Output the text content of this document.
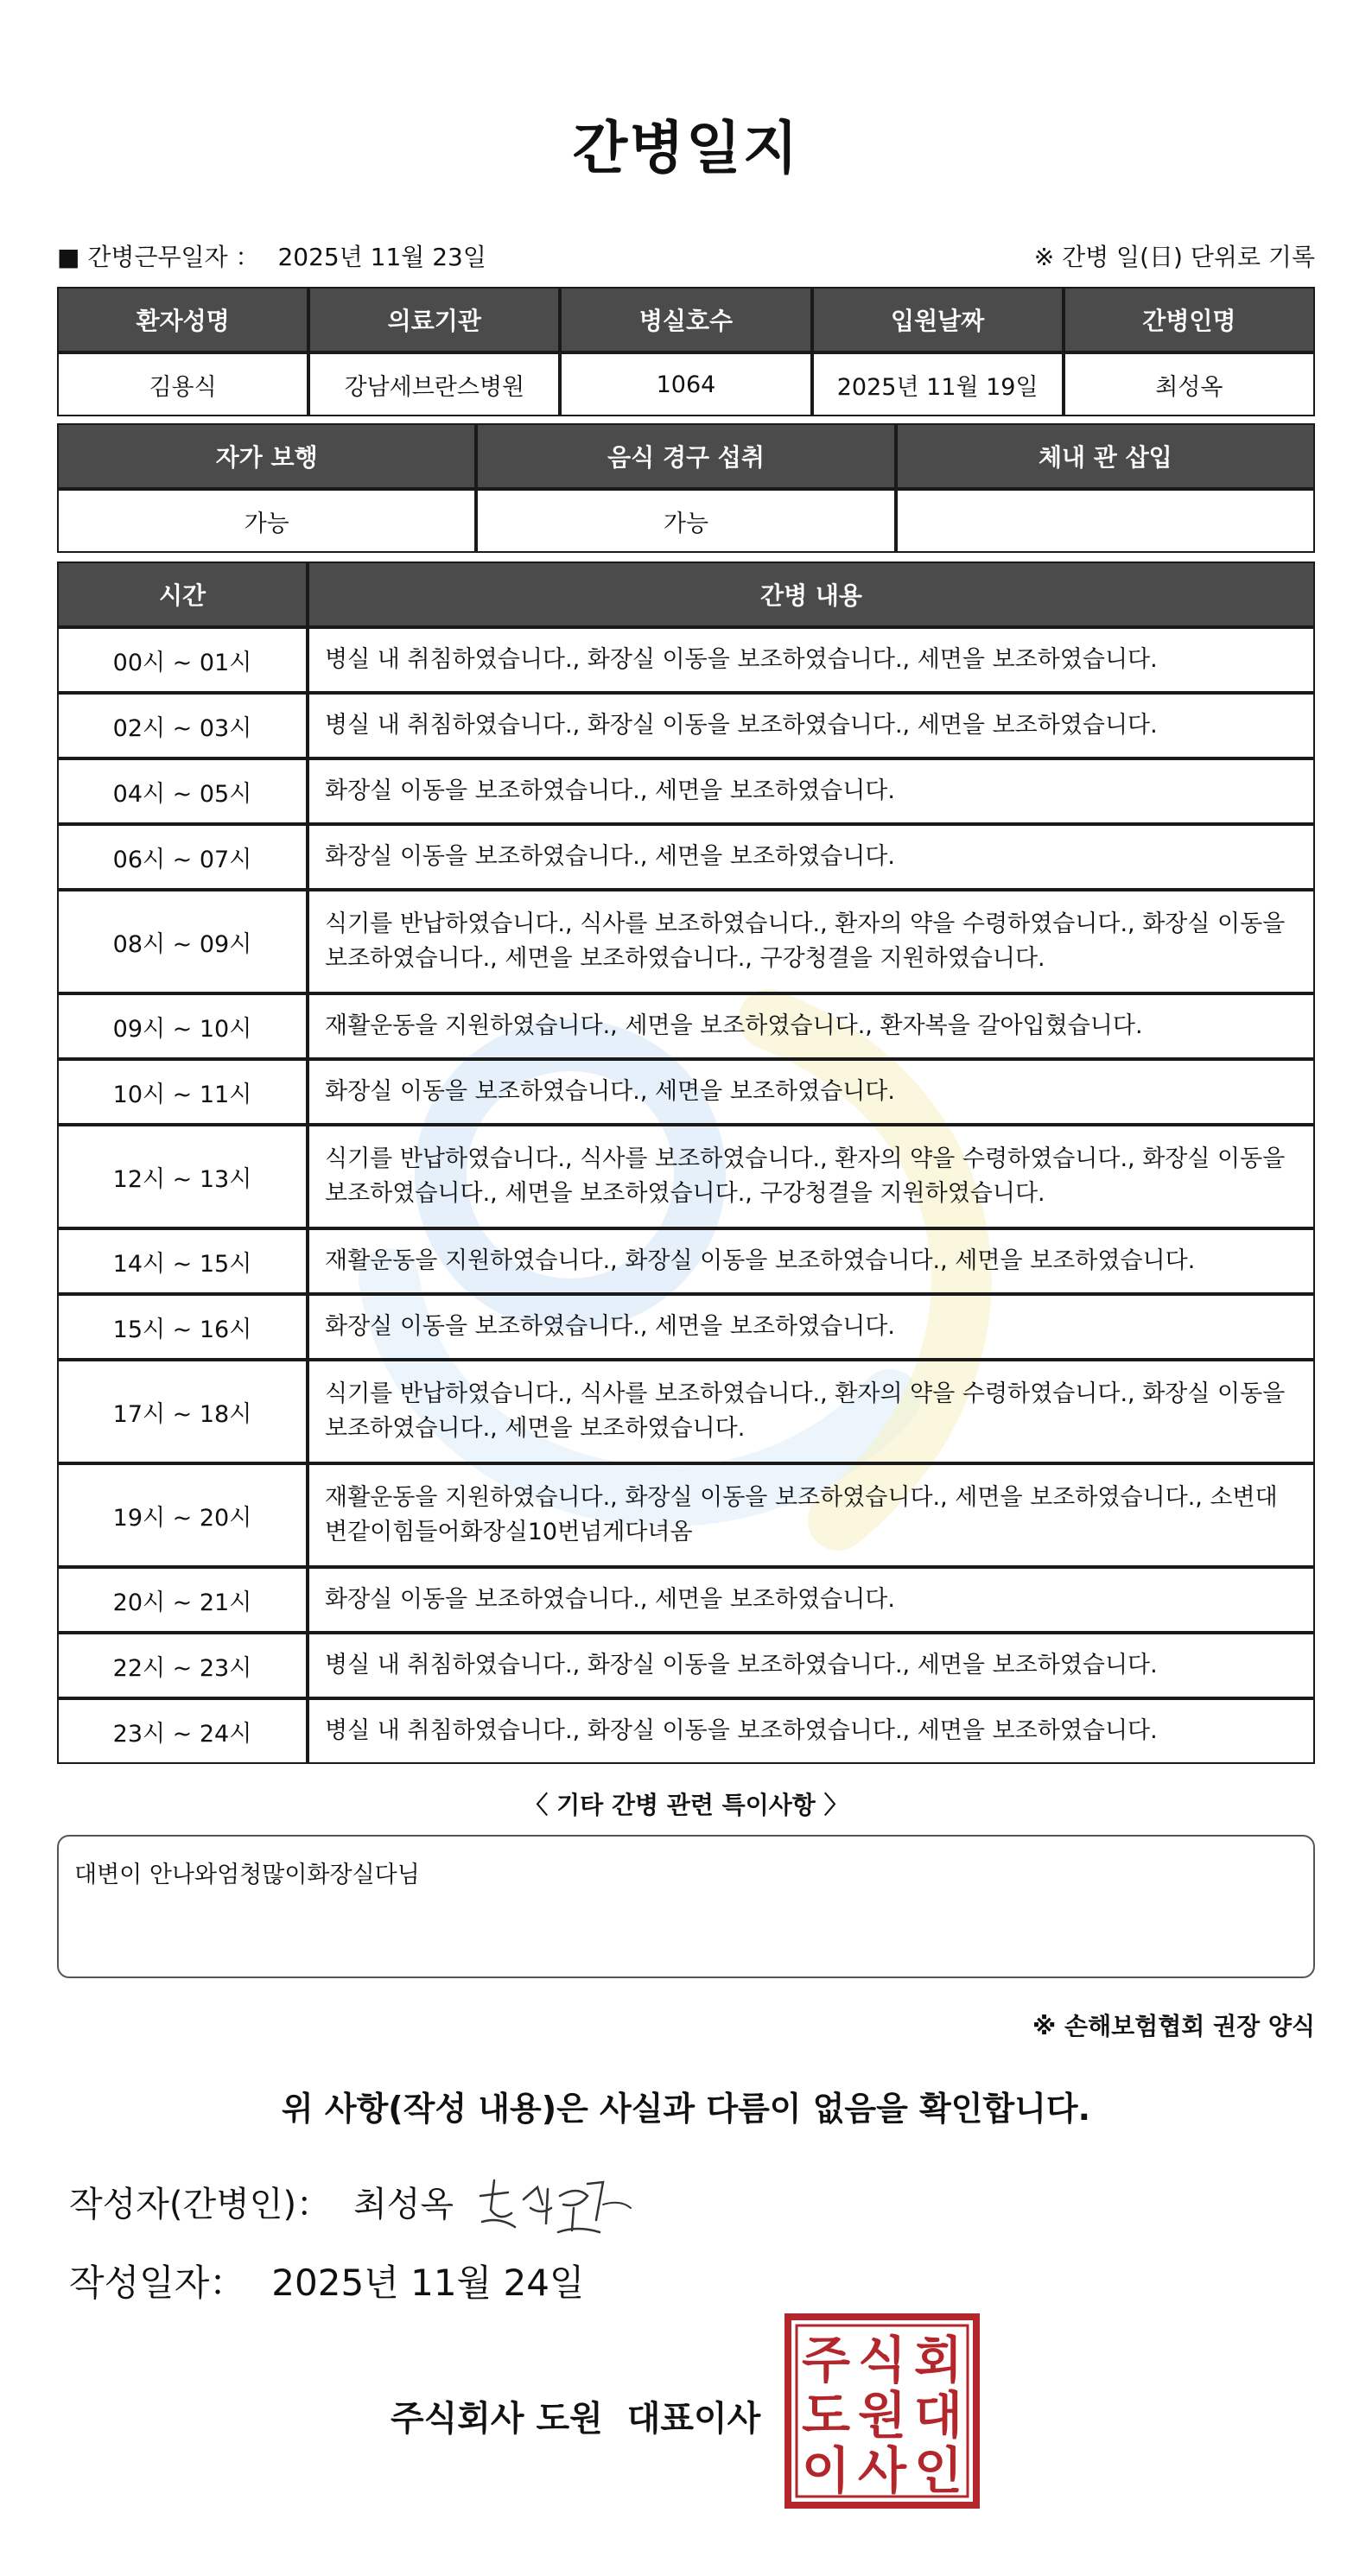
간병일지
■ 간병근무일자 ： 2025년 11월 23일	※ 간병 일(日) 단위로 기록
환자성명	의료기관	병실호수	입원날짜	간병인명
김용식	강남세브란스병원	1064	2025년 11월 19일	최성옥
자가 보행	음식 경구 섭취	체내 관 삽입
가능	가능	
시간	간병 내용
00시 ~ 01시	병실 내 취침하였습니다., 화장실 이동을 보조하였습니다., 세면을 보조하였습니다.
02시 ~ 03시	병실 내 취침하였습니다., 화장실 이동을 보조하였습니다., 세면을 보조하였습니다.
04시 ~ 05시	화장실 이동을 보조하였습니다., 세면을 보조하였습니다.
06시 ~ 07시	화장실 이동을 보조하였습니다., 세면을 보조하였습니다.
08시 ~ 09시	식기를 반납하였습니다., 식사를 보조하였습니다., 환자의 약을 수령하였습니다., 화장실 이동을 보조하였습니다., 세면을 보조하였습니다., 구강청결을 지원하였습니다.
09시 ~ 10시	재활운동을 지원하였습니다., 세면을 보조하였습니다., 환자복을 갈아입혔습니다.
10시 ~ 11시	화장실 이동을 보조하였습니다., 세면을 보조하였습니다.
12시 ~ 13시	식기를 반납하였습니다., 식사를 보조하였습니다., 환자의 약을 수령하였습니다., 화장실 이동을 보조하였습니다., 세면을 보조하였습니다., 구강청결을 지원하였습니다.
14시 ~ 15시	재활운동을 지원하였습니다., 화장실 이동을 보조하였습니다., 세면을 보조하였습니다.
15시 ~ 16시	화장실 이동을 보조하였습니다., 세면을 보조하였습니다.
17시 ~ 18시	식기를 반납하였습니다., 식사를 보조하였습니다., 환자의 약을 수령하였습니다., 화장실 이동을 보조하였습니다., 세면을 보조하였습니다.
19시 ~ 20시	재활운동을 지원하였습니다., 화장실 이동을 보조하였습니다., 세면을 보조하였습니다., 소변대변같이힘들어화장실10번넘게다녀옴
20시 ~ 21시	화장실 이동을 보조하였습니다., 세면을 보조하였습니다.
22시 ~ 23시	병실 내 취침하였습니다., 화장실 이동을 보조하였습니다., 세면을 보조하였습니다.
23시 ~ 24시	병실 내 취침하였습니다., 화장실 이동을 보조하였습니다., 세면을 보조하였습니다.
〈 기타 간병 관련 특이사항 〉
대변이 안나와엄청많이화장실다님
※ 손해보험협회 권장 양식
위 사항(작성 내용)은 사실과 다름이 없음을 확인합니다.
작성자(간병인)： 최성옥
작성일자： 2025년 11월 24일
주식회사 도원 대표이사
주 식 회
도 원 대
이 사 인
